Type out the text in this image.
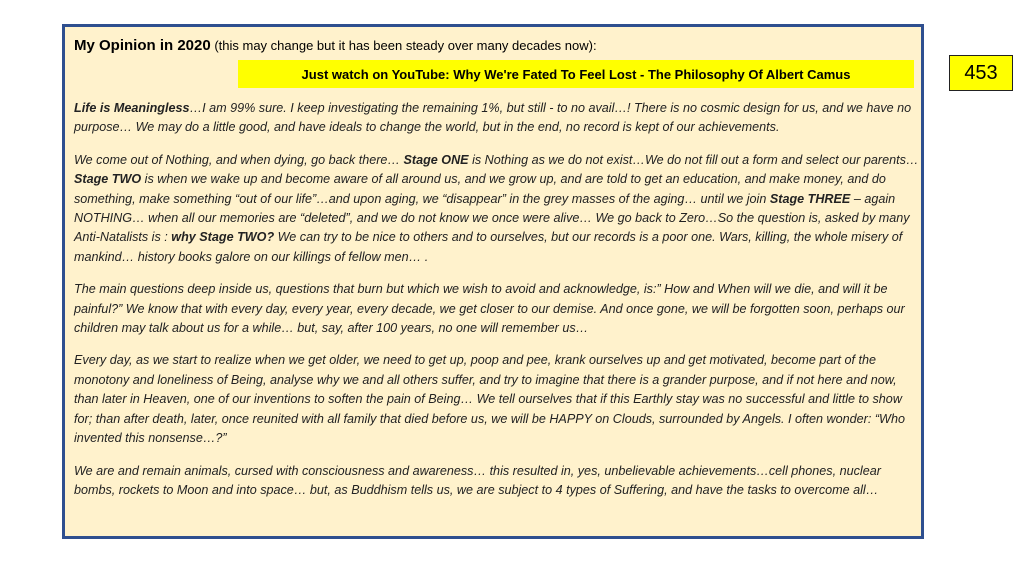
My Opinion in 2020 (this may change but it has been steady over many decades now):
Just watch on YouTube: Why We're Fated To Feel Lost - The Philosophy Of Albert Camus

Life is Meaningless…I am 99% sure. I keep investigating the remaining 1%, but still - to no avail…! There is no cosmic design for us, and we have no purpose… We may do a little good, and have ideals to change the world, but in the end, no record is kept of our achievements.

We come out of Nothing, and when dying, go back there… Stage ONE is Nothing as we do not exist…We do not fill out a form and select our parents…Stage TWO is when we wake up and become aware of all around us, and we grow up, and are told to get an education, and make money, and do something, make something “out of our life”…and upon aging, we “disappear” in the grey masses of the aging… until we join Stage THREE – again NOTHING… when all our memories are “deleted”, and we do not know we once were alive… We go back to Zero…So the question is, asked by many Anti-Natalists is : why Stage TWO? We can try to be nice to others and to ourselves, but our records is a poor one. Wars, killing, the whole misery of mankind… history books galore on our killings of fellow men… .

The main questions deep inside us, questions that burn but which we wish to avoid and acknowledge, is:” How and When will we die, and will it be painful?” We know that with every day, every year, every decade, we get closer to our demise. And once gone, we will be forgotten soon, perhaps our children may talk about us for a while… but, say, after 100 years, no one will remember us…

Every day, as we start to realize when we get older, we need to get up, poop and pee, krank ourselves up and get motivated, become part of the monotony and loneliness of Being, analyse why we and all others suffer, and try to imagine that there is a grander purpose, and if not here and now, than later in Heaven, one of our inventions to soften the pain of Being… We tell ourselves that if this Earthly stay was no successful and little to show for; than after death, later, once reunited with all family that died before us, we will be HAPPY on Clouds, surrounded by Angels. I often wonder: “Who invented this nonsense…?”

We are and remain animals, cursed with consciousness and awareness… this resulted in, yes, unbelievable achievements…cell phones, nuclear bombs, rockets to Moon and into space… but, as Buddhism tells us, we are subject to 4 types of Suffering, and have the tasks to overcome all…

453
